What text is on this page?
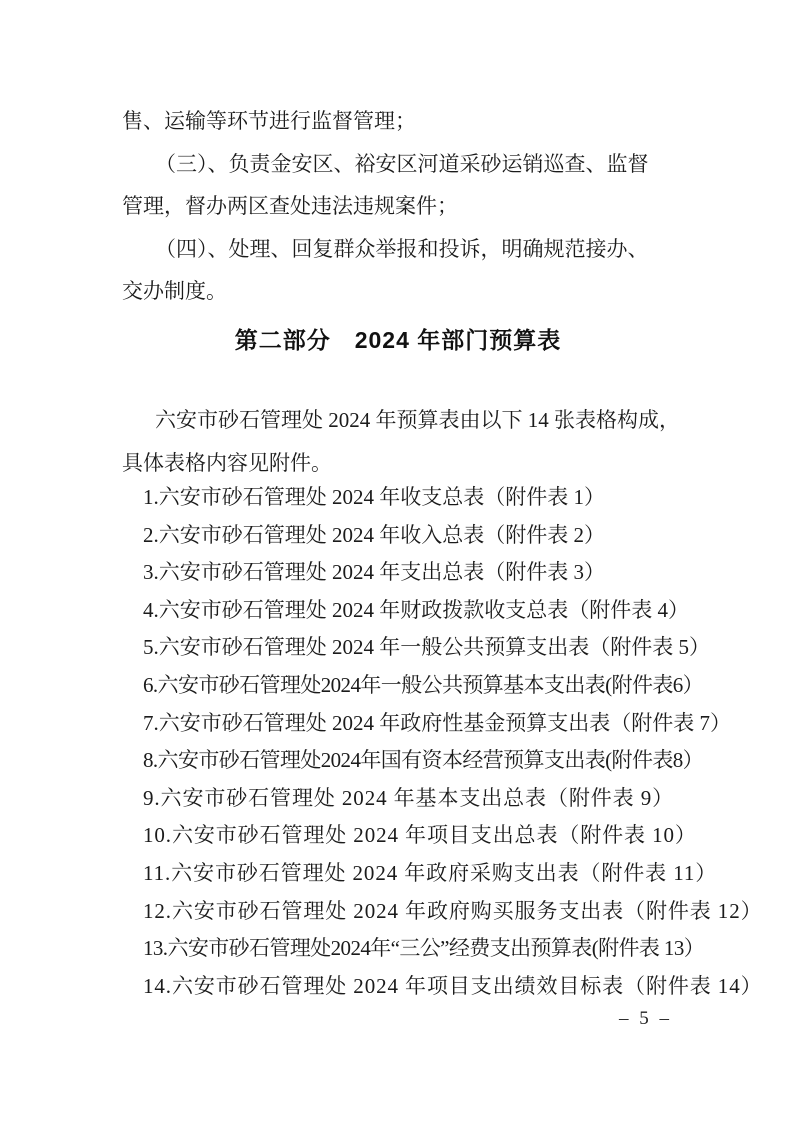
售、运输等环节进行监督管理；
（三）、负责金安区、裕安区河道采砂运销巡查、监督
管理，督办两区查处违法违规案件；
（四）、处理、回复群众举报和投诉，明确规范接办、
交办制度。
第二部分　2024 年部门预算表
六安市砂石管理处 2024 年预算表由以下 14 张表格构成，
具体表格内容见附件。
1.六安市砂石管理处 2024 年收支总表（附件表 1）
2.六安市砂石管理处 2024 年收入总表（附件表 2）
3.六安市砂石管理处 2024 年支出总表（附件表 3）
4.六安市砂石管理处 2024 年财政拨款收支总表（附件表 4）
5.六安市砂石管理处 2024 年一般公共预算支出表（附件表 5）
6.六安市砂石管理处2024年一般公共预算基本支出表(附件表6）
7.六安市砂石管理处 2024 年政府性基金预算支出表（附件表 7）
8.六安市砂石管理处2024年国有资本经营预算支出表(附件表8）
9.六安市砂石管理处 2024 年基本支出总表（附件表 9）
10.六安市砂石管理处 2024 年项目支出总表（附件表 10）
11.六安市砂石管理处 2024 年政府采购支出表（附件表 11）
12.六安市砂石管理处 2024 年政府购买服务支出表（附件表 12）
13.六安市砂石管理处2024年“三公”经费支出预算表(附件表 13）
14.六安市砂石管理处 2024 年项目支出绩效目标表（附件表 14）
– 5 –
